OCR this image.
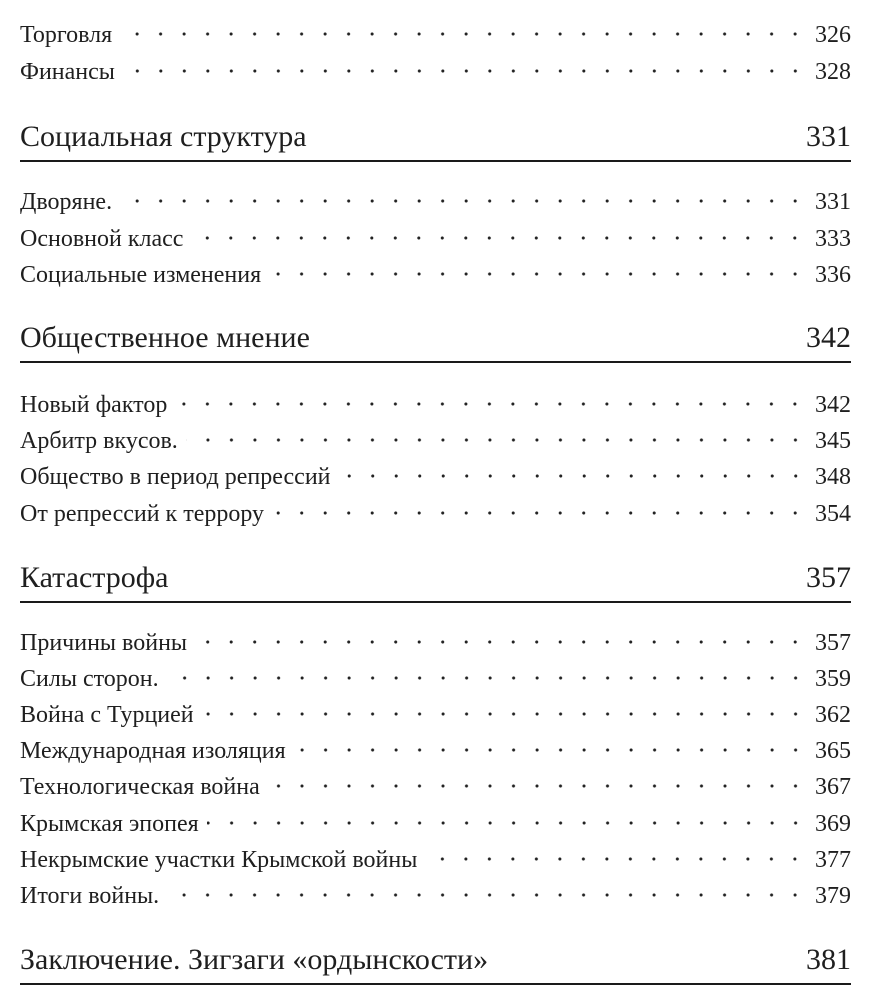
Торговля	326
Финансы	328
Социальная структура	331
Дворяне.	331
Основной класс	333
Социальные изменения	336
Общественное мнение	342
Новый фактор	342
Арбитр вкусов.	345
Общество в период репрессий	348
От репрессий к террору	354
Катастрофа	357
Причины войны	357
Силы сторон.	359
Война с Турцией	362
Международная изоляция	365
Технологическая война	367
Крымская эпопея	369
Некрымские участки Крымской войны	377
Итоги войны.	379
Заключение. Зигзаги «ордынскости»	381
